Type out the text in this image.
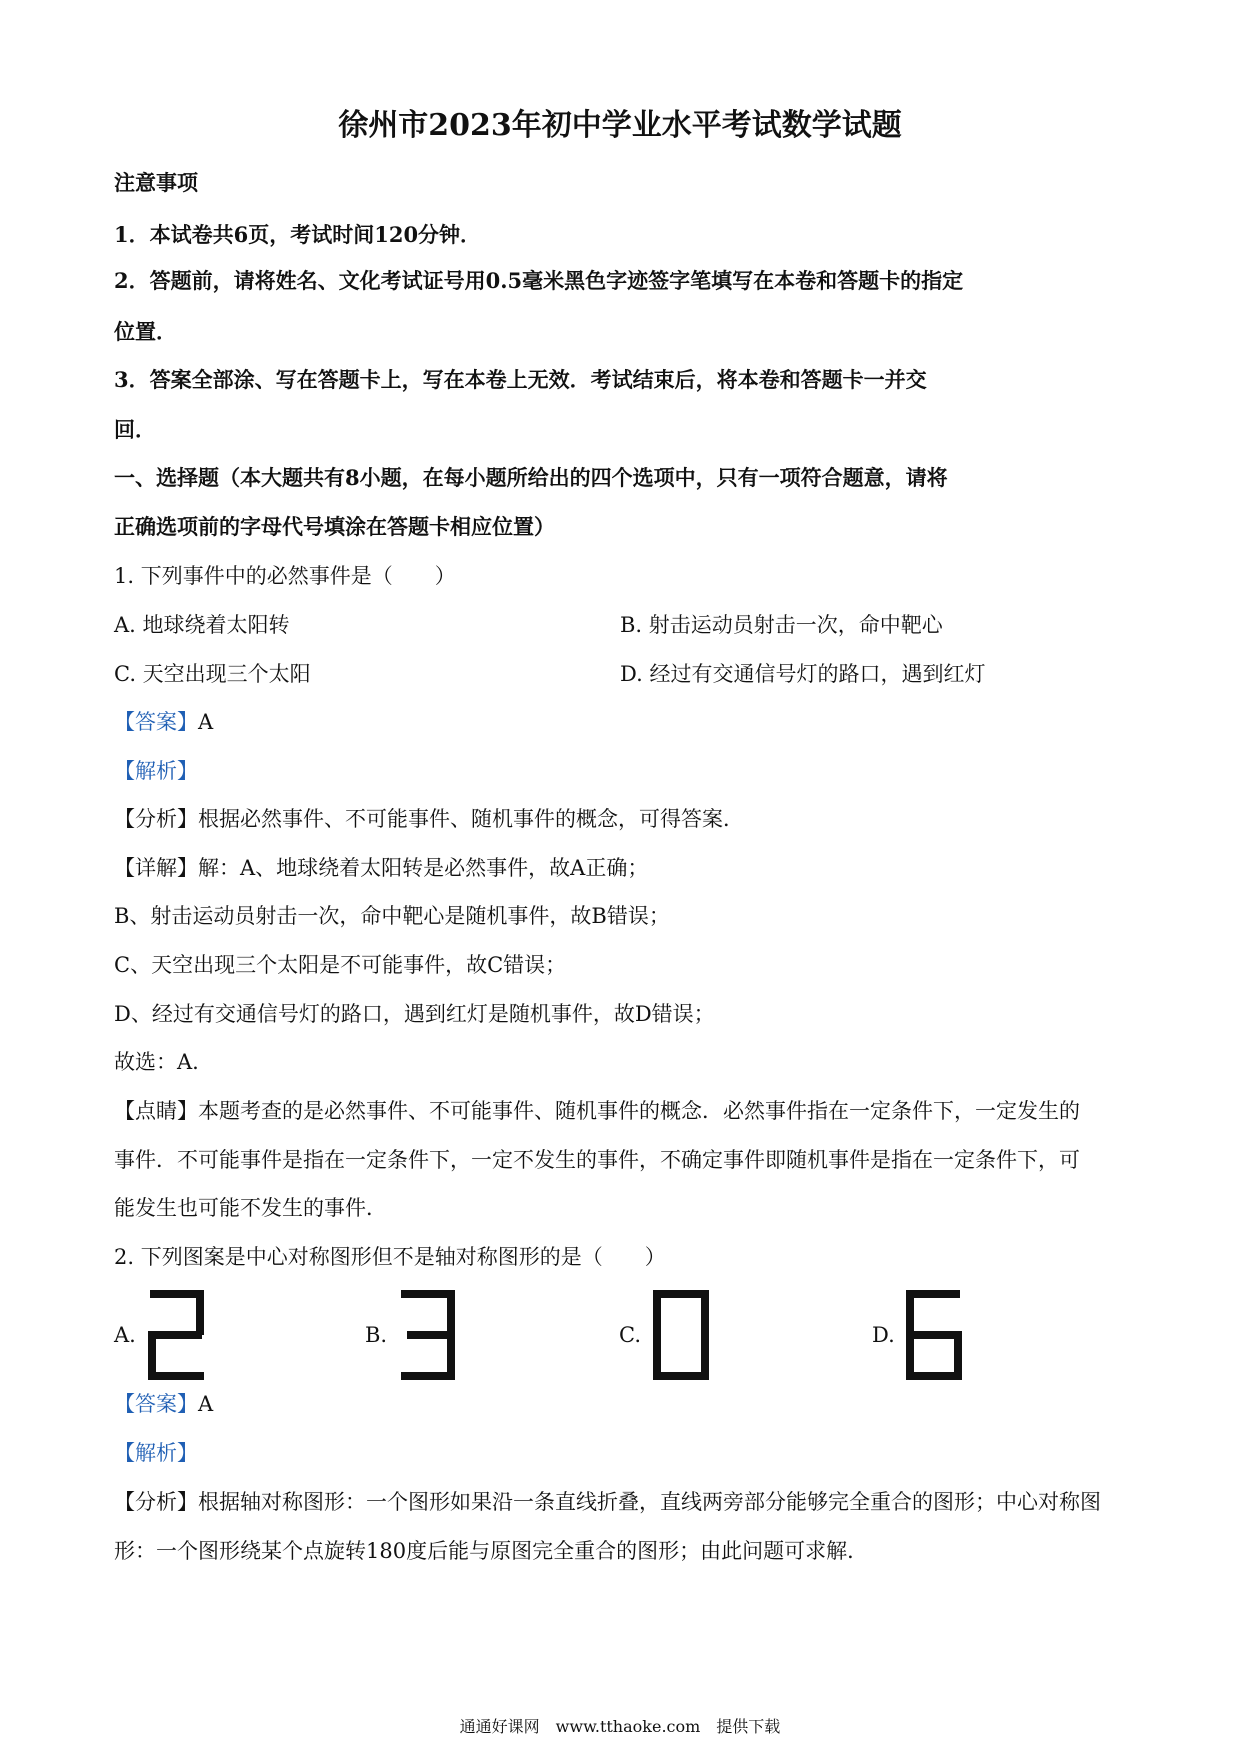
徐州市2023年初中学业水平考试数学试题
注意事项
1．本试卷共6页，考试时间120分钟．
2．答题前，请将姓名、文化考试证号用0.5毫米黑色字迹签字笔填写在本卷和答题卡的指定
位置．
3．答案全部涂、写在答题卡上，写在本卷上无效．考试结束后，将本卷和答题卡一并交
回．
一、选择题（本大题共有8小题，在每小题所给出的四个选项中，只有一项符合题意，请将
正确选项前的字母代号填涂在答题卡相应位置）
1. 下列事件中的必然事件是（　　）
A. 地球绕着太阳转	B. 射击运动员射击一次，命中靶心
C. 天空出现三个太阳	D. 经过有交通信号灯的路口，遇到红灯
【答案】A
【解析】
【分析】根据必然事件、不可能事件、随机事件的概念，可得答案．
【详解】解：A、地球绕着太阳转是必然事件，故A正确；
B、射击运动员射击一次，命中靶心是随机事件，故B错误；
C、天空出现三个太阳是不可能事件，故C错误；
D、经过有交通信号灯的路口，遇到红灯是随机事件，故D错误；
故选：A.
【点睛】本题考查的是必然事件、不可能事件、随机事件的概念．必然事件指在一定条件下，一定发生的
事件．不可能事件是指在一定条件下，一定不发生的事件，不确定事件即随机事件是指在一定条件下，可
能发生也可能不发生的事件．
2. 下列图案是中心对称图形但不是轴对称图形的是（　　）
A.	B.	C.	D.
【答案】A
【解析】
【分析】根据轴对称图形：一个图形如果沿一条直线折叠，直线两旁部分能够完全重合的图形；中心对称图
形：一个图形绕某个点旋转180度后能与原图完全重合的图形；由此问题可求解．
通通好课网　www.tthaoke.com　提供下载
